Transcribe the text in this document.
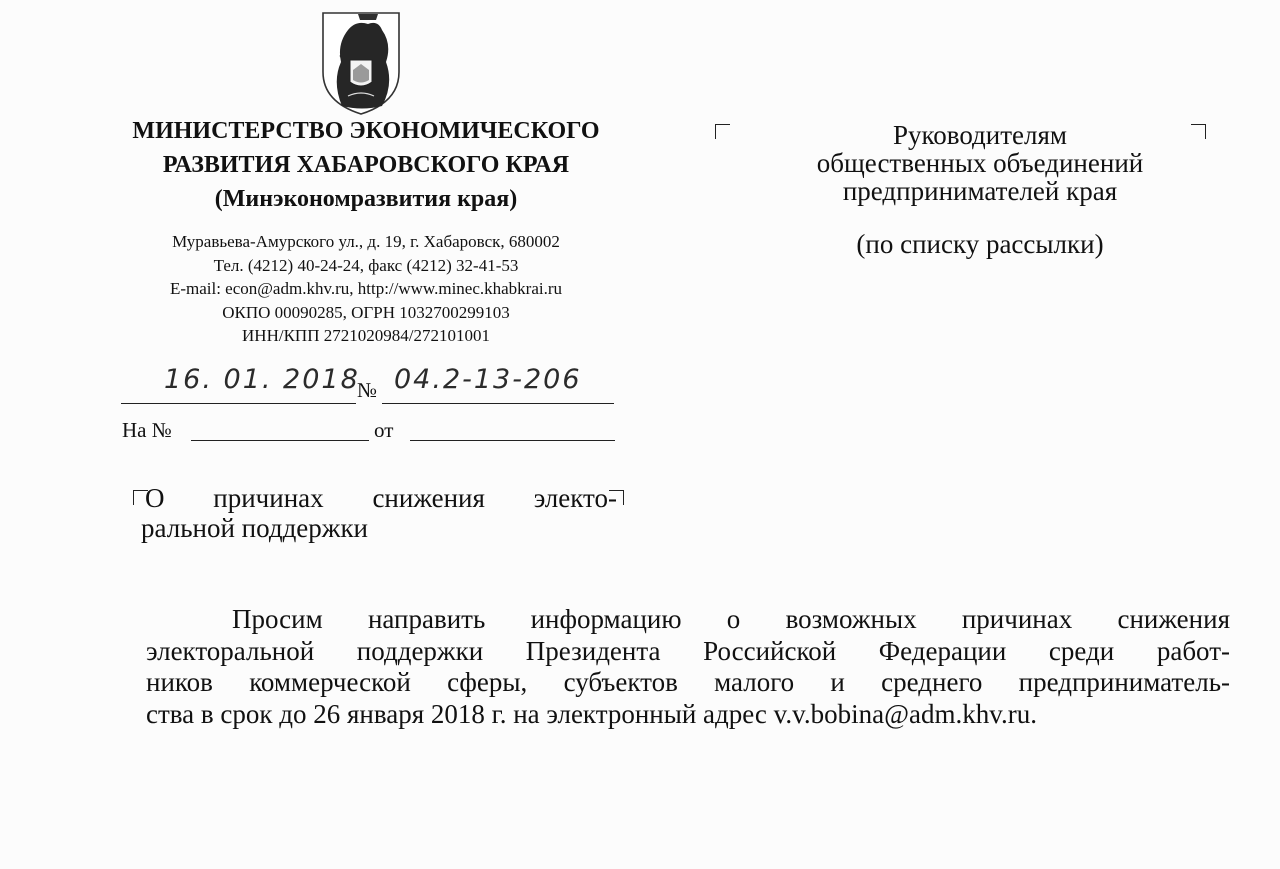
МИНИСТЕРСТВО ЭКОНОМИЧЕСКОГО
РАЗВИТИЯ ХАБАРОВСКОГО КРАЯ
(Минэкономразвития края)
Муравьева-Амурского ул., д. 19, г. Хабаровск, 680002
Тел. (4212) 40-24-24, факс (4212) 32-41-53
E-mail: econ@adm.khv.ru, http://www.minec.khabkrai.ru
ОКПО 00090285, ОГРН 1032700299103
ИНН/КПП 2721020984/272101001
16. 01. 2018
№ 04.2-13-206
На №	от
Руководителям
общественных объединений
предпринимателей края
(по списку рассылки)
О причинах снижения электо-
ральной поддержки
Просим направить информацию о возможных причинах снижения
электоральной поддержки Президента Российской Федерации среди работ-
ников коммерческой сферы, субъектов малого и среднего предприниматель-
ства в срок до 26 января 2018 г. на электронный адрес v.v.bobina@adm.khv.ru.
